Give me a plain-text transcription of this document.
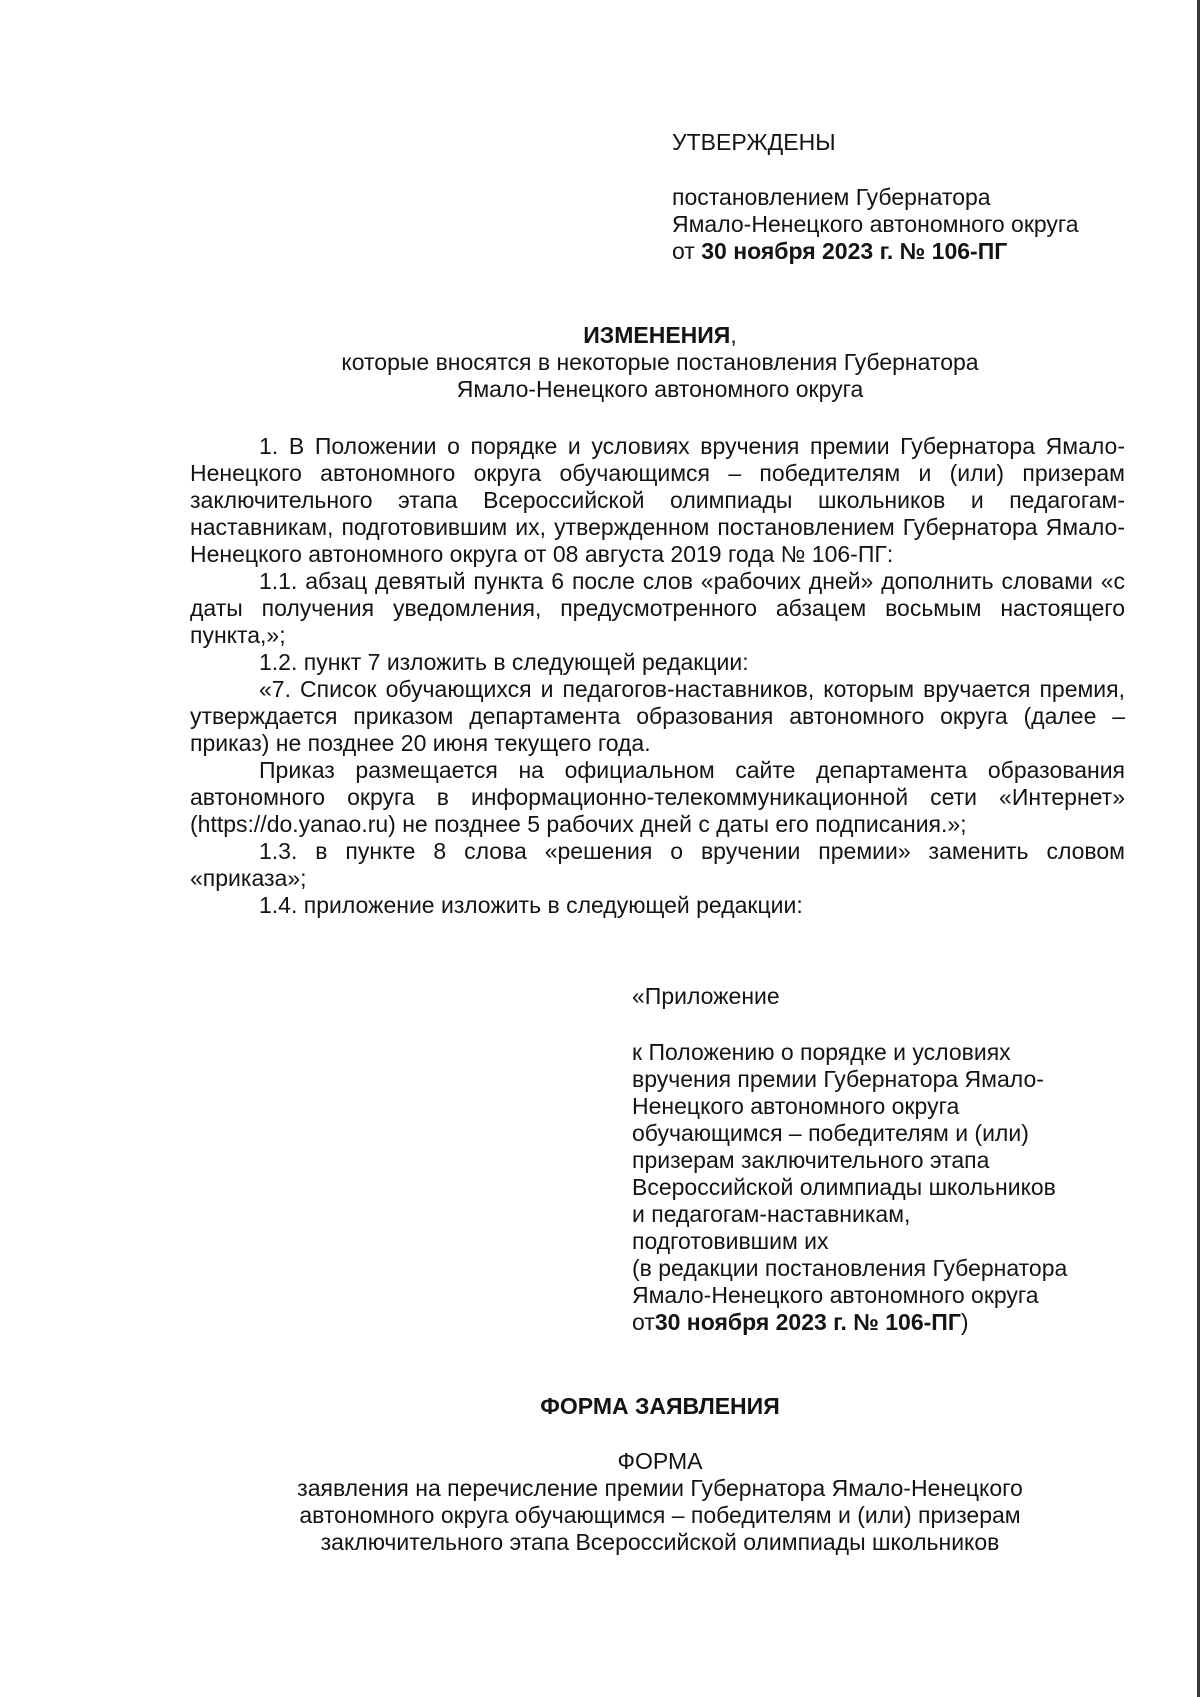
УТВЕРЖДЕНЫ
постановлением Губернатора
Ямало-Ненецкого автономного округа
от 30 ноября 2023 г. № 106-ПГ
ИЗМЕНЕНИЯ,
которые вносятся в некоторые постановления Губернатора
Ямало-Ненецкого автономного округа
1. В Положении о порядке и условиях вручения премии Губернатора Ямало-Ненецкого автономного округа обучающимся – победителям и (или) призерам заключительного этапа Всероссийской олимпиады школьников и педагогам-наставникам, подготовившим их, утвержденном постановлением Губернатора Ямало-Ненецкого автономного округа от 08 августа 2019 года № 106-ПГ:
1.1. абзац девятый пункта 6 после слов «рабочих дней» дополнить словами «с даты получения уведомления, предусмотренного абзацем восьмым настоящего пункта,»;
1.2. пункт 7 изложить в следующей редакции:
«7. Список обучающихся и педагогов-наставников, которым вручается премия, утверждается приказом департамента образования автономного округа (далее – приказ) не позднее 20 июня текущего года.
Приказ размещается на официальном сайте департамента образования автономного округа в информационно-телекоммуникационной сети «Интернет» (https://do.yanao.ru) не позднее 5 рабочих дней с даты его подписания.»;
1.3. в пункте 8 слова «решения о вручении премии» заменить словом «приказа»;
1.4. приложение изложить в следующей редакции:
«Приложение
к Положению о порядке и условиях
вручения премии Губернатора Ямало-
Ненецкого автономного округа
обучающимся – победителям и (или)
призерам заключительного этапа
Всероссийской олимпиады школьников
и педагогам-наставникам,
подготовившим их
(в редакции постановления Губернатора
Ямало-Ненецкого автономного округа
от30 ноября 2023 г. № 106-ПГ)
ФОРМА ЗАЯВЛЕНИЯ
ФОРМА
заявления на перечисление премии Губернатора Ямало-Ненецкого
автономного округа обучающимся – победителям и (или) призерам
заключительного этапа Всероссийской олимпиады школьников
